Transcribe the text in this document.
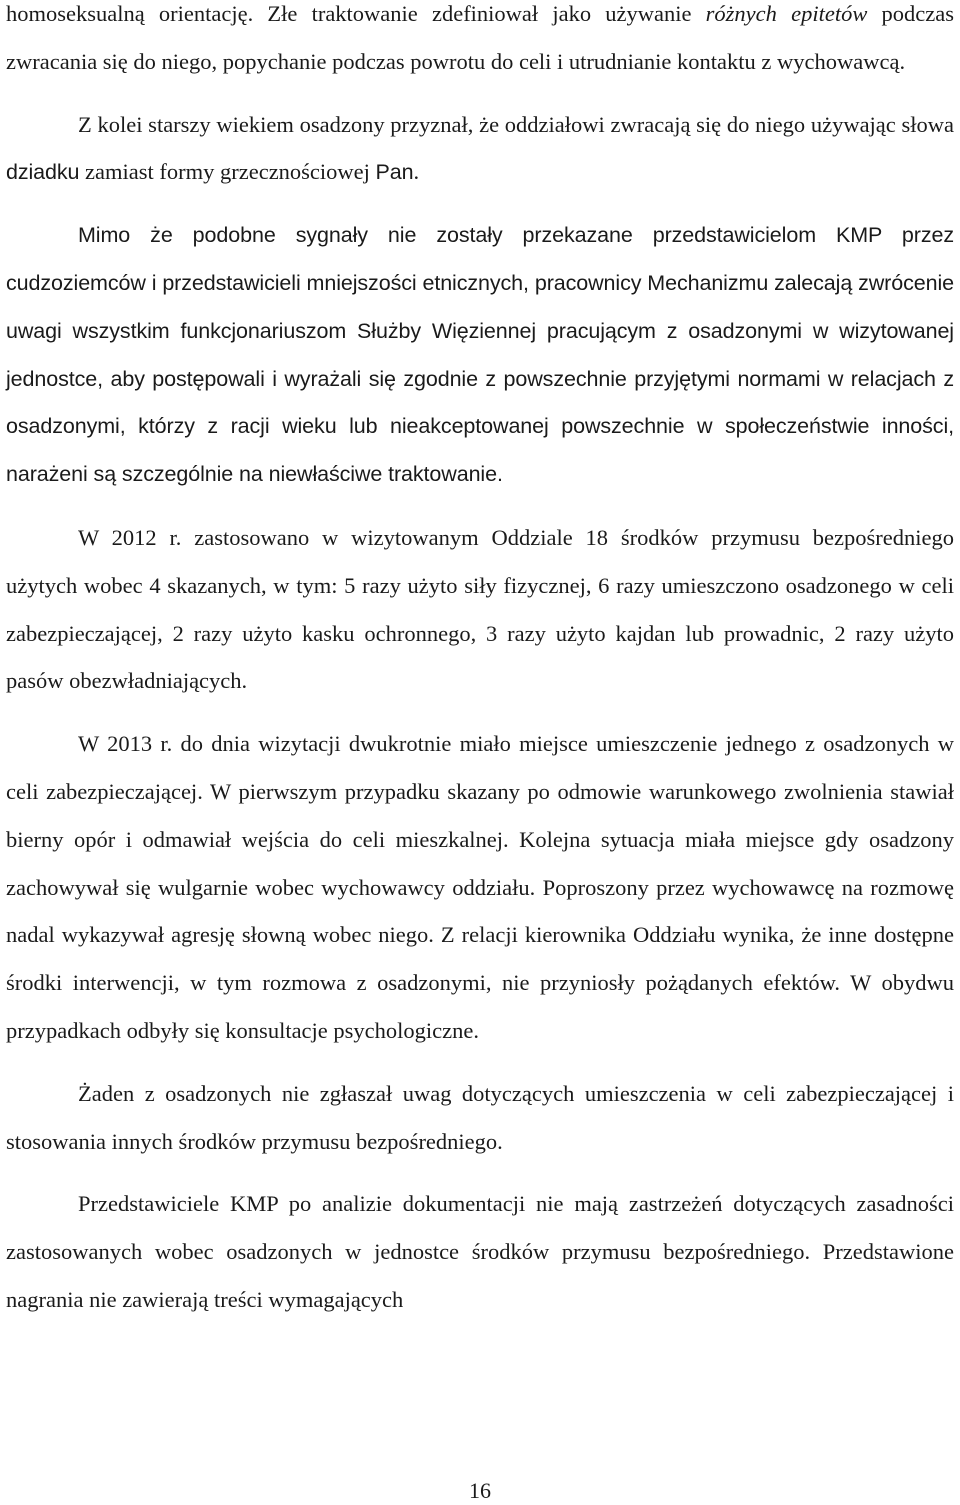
homoseksualną orientację. Złe traktowanie zdefiniował jako używanie różnych epitetów podczas zwracania się do niego, popychanie podczas powrotu do celi i utrudnianie kontaktu z wychowawcą.

Z kolei starszy wiekiem osadzony przyznał, że oddziałowi zwracają się do niego używając słowa dziadku zamiast formy grzecznościowej Pan.

Mimo że podobne sygnały nie zostały przekazane przedstawicielom KMP przez cudzoziemców i przedstawicieli mniejszości etnicznych, pracownicy Mechanizmu zalecają zwrócenie uwagi wszystkim funkcjonariuszom Służby Więziennej pracującym z osadzonymi w wizytowanej jednostce, aby postępowali i wyrażali się zgodnie z powszechnie przyjętymi normami w relacjach z osadzonymi, którzy z racji wieku lub nieakceptowanej powszechnie w społeczeństwie inności, narażeni są szczególnie na niewłaściwe traktowanie.

W 2012 r. zastosowano w wizytowanym Oddziale 18 środków przymusu bezpośredniego użytych wobec 4 skazanych, w tym: 5 razy użyto siły fizycznej, 6 razy umieszczono osadzonego w celi zabezpieczającej, 2 razy użyto kasku ochronnego, 3 razy użyto kajdan lub prowadnic, 2 razy użyto pasów obezwładniających.

W 2013 r. do dnia wizytacji dwukrotnie miało miejsce umieszczenie jednego z osadzonych w celi zabezpieczającej. W pierwszym przypadku skazany po odmowie warunkowego zwolnienia stawiał bierny opór i odmawiał wejścia do celi mieszkalnej. Kolejna sytuacja miała miejsce gdy osadzony zachowywał się wulgarnie wobec wychowawcy oddziału. Poproszony przez wychowawcę na rozmowę nadal wykazywał agresję słowną wobec niego. Z relacji kierownika Oddziału wynika, że inne dostępne środki interwencji, w tym rozmowa z osadzonymi, nie przyniosły pożądanych efektów. W obydwu przypadkach odbyły się konsultacje psychologiczne.

Żaden z osadzonych nie zgłaszał uwag dotyczących umieszczenia w celi zabezpieczającej i stosowania innych środków przymusu bezpośredniego.

Przedstawiciele KMP po analizie dokumentacji nie mają zastrzeżeń dotyczących zasadności zastosowanych wobec osadzonych w jednostce środków przymusu bezpośredniego. Przedstawione nagrania nie zawierają treści wymagających

16
